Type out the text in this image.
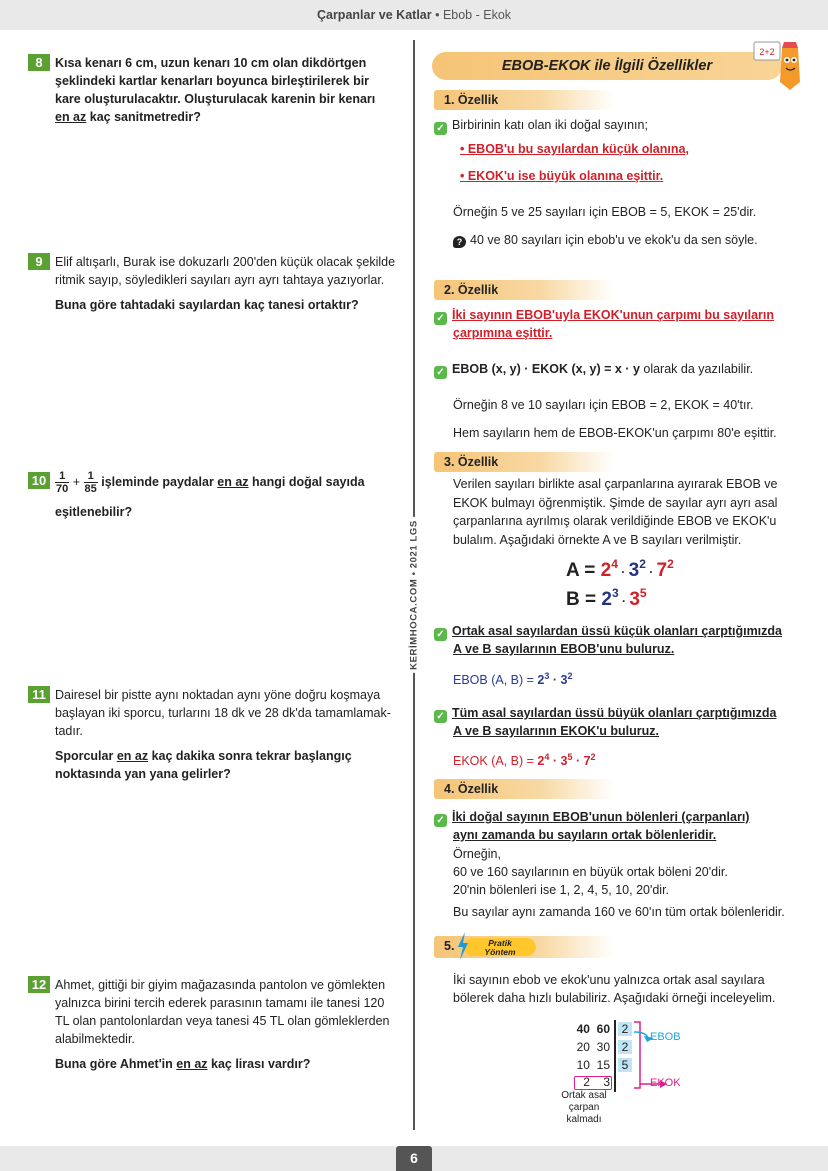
Çarpanlar ve Katlar • Ebob - Ekok
KERİMHOCA.COM • 2021 LGS
8 Kısa kenarı 6 cm, uzun kenarı 10 cm olan dikdörtgen
şeklindeki kartlar kenarları boyunca birleştirilerek bir
kare oluşturulacaktır. Oluşturulacak karenin bir kenarı
en az kaç sanitmetredir?
9 Elif altışarlı, Burak ise dokuzarlı 200'den küçük olacak şekilde
ritmik sayıp, söyledikleri sayıları ayrı ayrı tahtaya yazıyorlar.
Buna göre tahtadaki sayılardan kaç tanesi ortaktır?
$10 \frac{1}{70} + \frac{1}{85}$ işleminde paydalar en az hangi doğal sayıda
eşitlenebilir?
11 Dairesel bir pistte aynı noktadan aynı yöne doğru koşmaya
başlayan iki sporcu, turlarını 18 dk ve 28 dk'da tamamlamak-
tadır.
Sporcular en az kaç dakika sonra tekrar başlangıç
noktasında yan yana gelirler?
12 Ahmet, gittiği bir giyim mağazasında pantolon ve gömlekten
yalnızca birini tercih ederek parasının tamamı ile tanesi 120
TL olan pantolonlardan veya tanesi 45 TL olan gömleklerden
alabilmektedir.
Buna göre Ahmet'in en az kaç lirası vardır?
EBOB-EKOK ile İlgili Özellikler
2+2
1. Özellik
✓ Birbirinin katı olan iki doğal sayının;
• EBOB'u bu sayılardan küçük olanına,
• EKOK'u ise büyük olanına eşittir.
Örneğin 5 ve 25 sayıları için EBOB = 5, EKOK = 25'dir.
? 40 ve 80 sayıları için ebob'u ve ekok'u da sen söyle.
2. Özellik
✓ İki sayının EBOB'uyla EKOK'unun çarpımı bu sayıların
çarpımına eşittir.
✓ EBOB (x, y) · EKOK (x, y) = x · y olarak da yazılabilir.
Örneğin 8 ve 10 sayıları için EBOB = 2, EKOK = 40'tır.
Hem sayıların hem de EBOB-EKOK'un çarpımı 80'e eşittir.
3. Özellik
Verilen sayıları birlikte asal çarpanlarına ayırarak EBOB ve
EKOK bulmayı öğrenmiştik. Şimde de sayılar ayrı ayrı asal
çarpanlarına ayrılmış olarak verildiğinde EBOB ve EKOK'u
bulalım. Aşağıdaki örnekte A ve B sayıları verilmiştir.
$A = 2^4 \cdot 3^2 \cdot 7^2$
$B = 2^3 \cdot 3^5$
✓ Ortak asal sayılardan üssü küçük olanları çarptığımızda
A ve B sayılarının EBOB'unu buluruz.
EBOB (A, $B) = 2^3 \cdot 3^2$
✓ Tüm asal sayılardan üssü büyük olanları çarptığımızda
A ve B sayılarının EKOK'u buluruz.
EKOK (A, $B) = 2^4 \cdot 3^5 \cdot 7^2$
4. Özellik
✓ İki doğal sayının EBOB'unun bölenleri (çarpanları)
aynı zamanda bu sayıların ortak bölenleridir.
Örneğin,
60 ve 160 sayılarının en büyük ortak böleni 20'dir.
20'nin bölenleri ise 1, 2, 4, 5, 10, 20'dir.
Bu sayılar aynı zamanda 160 ve 60'ın tüm ortak bölenleridir.
5.	Pratik
Yöntem
İki sayının ebob ve ekok'unu yalnızca ortak asal sayılara
bölerek daha hızlı bulabiliriz. Aşağıdaki örneği inceleyelim.
40 60
20 30
10 15
2
2
5
2 3
EBOB
EKOK
Ortak asal
çarpan
kalmadı
6
